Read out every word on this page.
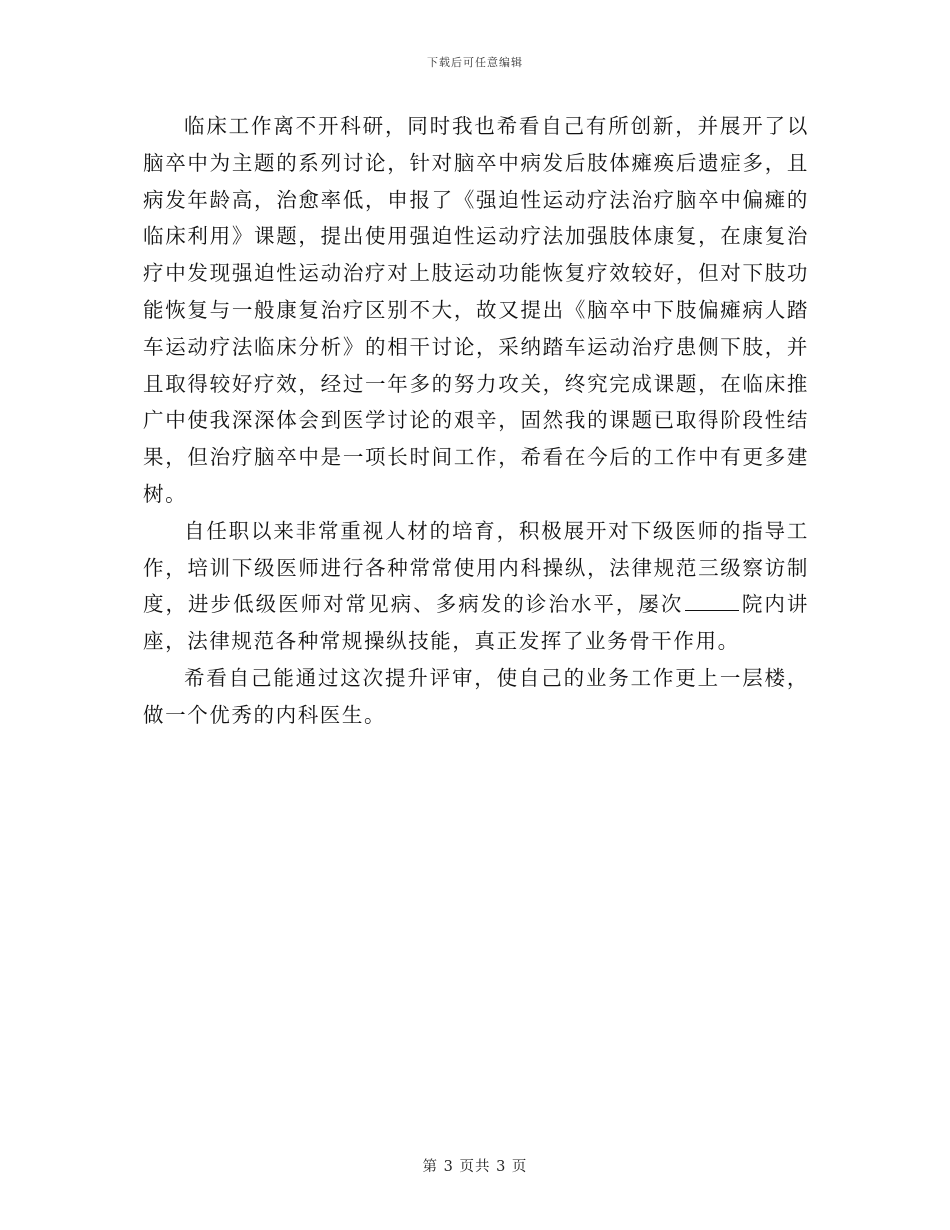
下载后可任意编辑

临床工作离不开科研，同时我也希看自己有所创新，并展开了以脑卒中为主题的系列讨论，针对脑卒中病发后肢体瘫痪后遗症多，且病发年龄高，治愈率低，申报了《强迫性运动疗法治疗脑卒中偏瘫的临床利用》课题，提出使用强迫性运动疗法加强肢体康复，在康复治疗中发现强迫性运动治疗对上肢运动功能恢复疗效较好，但对下肢功能恢复与一般康复治疗区别不大，故又提出《脑卒中下肢偏瘫病人踏车运动疗法临床分析》的相干讨论，采纳踏车运动治疗患侧下肢，并且取得较好疗效，经过一年多的努力攻关，终究完成课题，在临床推广中使我深深体会到医学讨论的艰辛，固然我的课题已取得阶段性结果，但治疗脑卒中是一项长时间工作，希看在今后的工作中有更多建树。

自任职以来非常重视人材的培育，积极展开对下级医师的指导工作，培训下级医师进行各种常常使用内科操纵，法律规范三级察访制度，进步低级医师对常见病、多病发的诊治水平，屡次	院内讲座，法律规范各种常规操纵技能，真正发挥了业务骨干作用。

希看自己能通过这次提升评审，使自己的业务工作更上一层楼，做一个优秀的内科医生。

第 3 页共 3 页
